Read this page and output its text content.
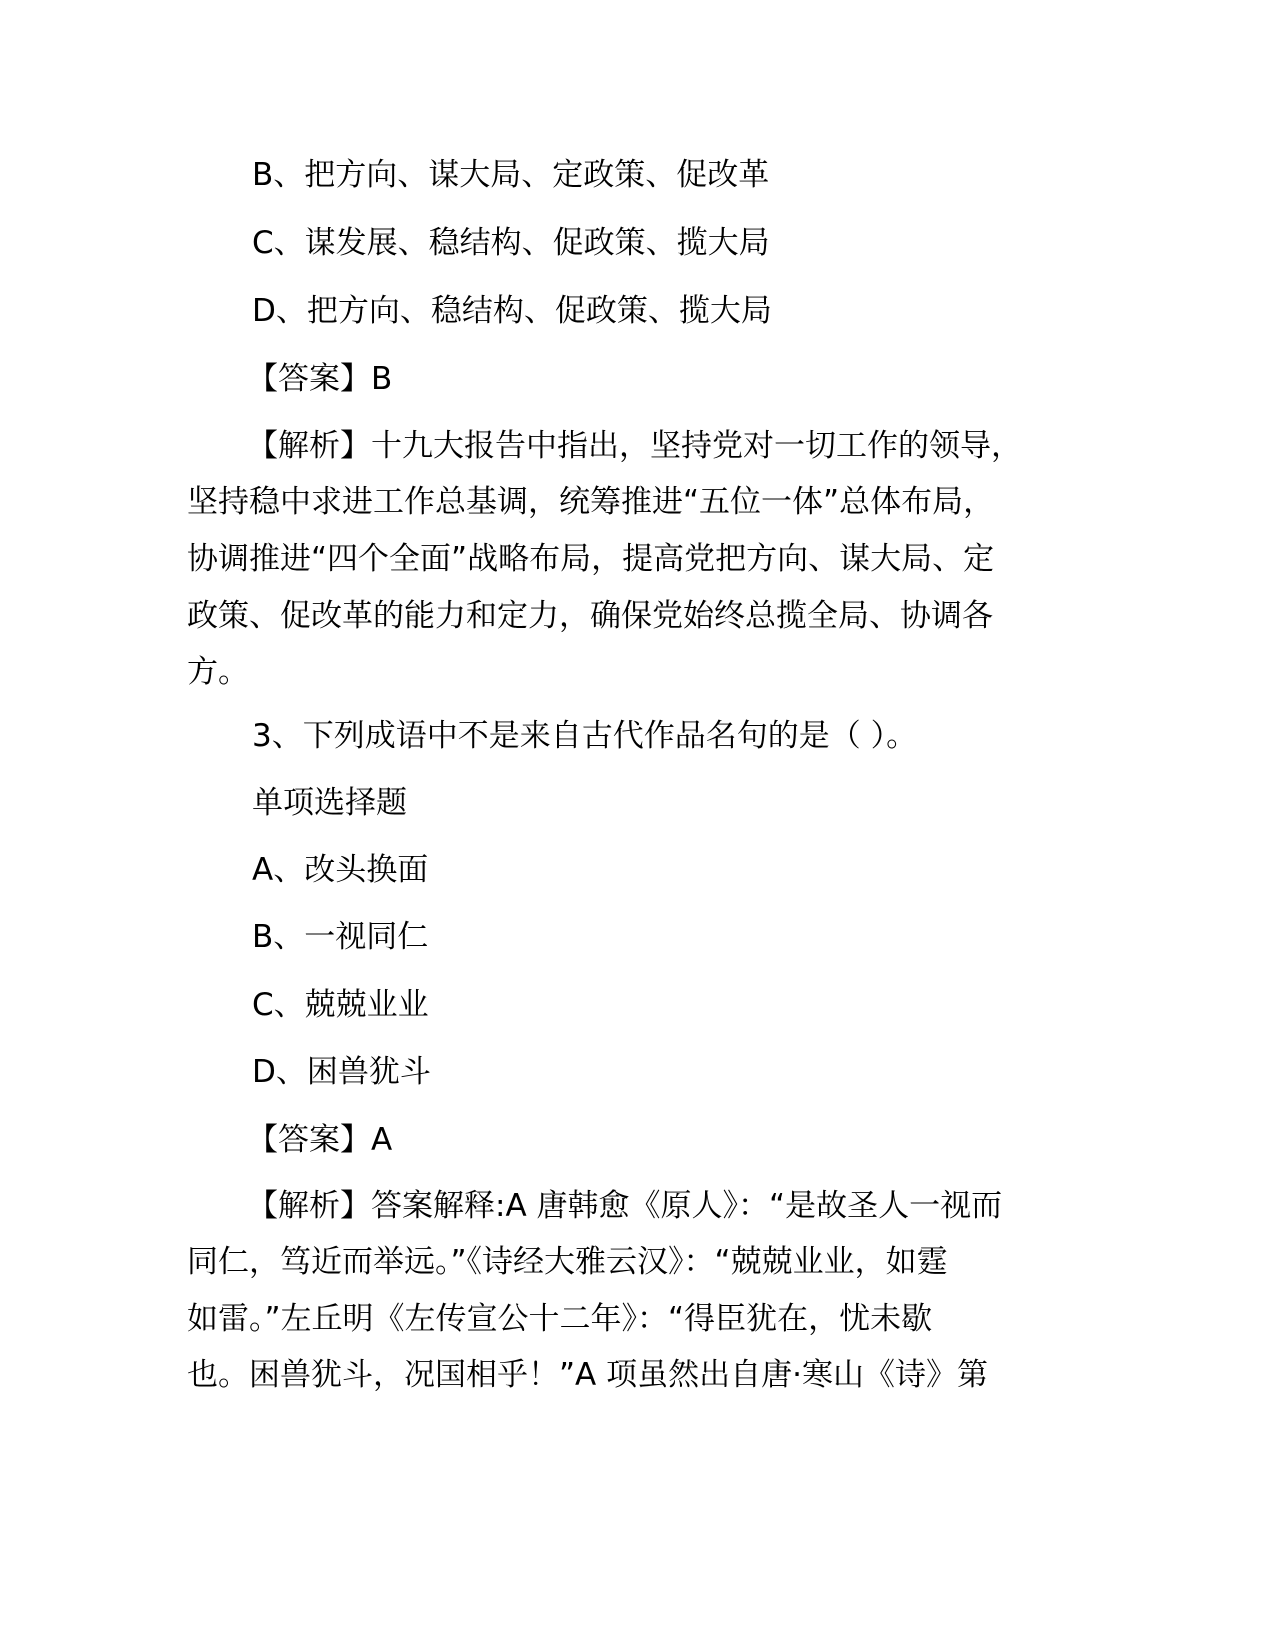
B、把方向、谋大局、定政策、促改革
C、谋发展、稳结构、促政策、揽大局
D、把方向、稳结构、促政策、揽大局
【答案】B
【解析】十九大报告中指出，坚持党对一切工作的领导，
坚持稳中求进工作总基调，统筹推进“五位一体”总体布局，
协调推进“四个全面”战略布局，提高党把方向、谋大局、定
政策、促改革的能力和定力，确保党始终总揽全局、协调各
方。
3、下列成语中不是来自古代作品名句的是（ ）。
单项选择题
A、改头换面
B、一视同仁
C、兢兢业业
D、困兽犹斗
【答案】A
【解析】答案解释:A 唐韩愈《原人》：“是故圣人一视而
同仁，笃近而举远。”《诗经大雅云汉》：“兢兢业业，如霆
如雷。”左丘明《左传宣公十二年》：“得臣犹在，忧未歇
也。困兽犹斗，况国相乎！”A 项虽然出自唐·寒山《诗》第
